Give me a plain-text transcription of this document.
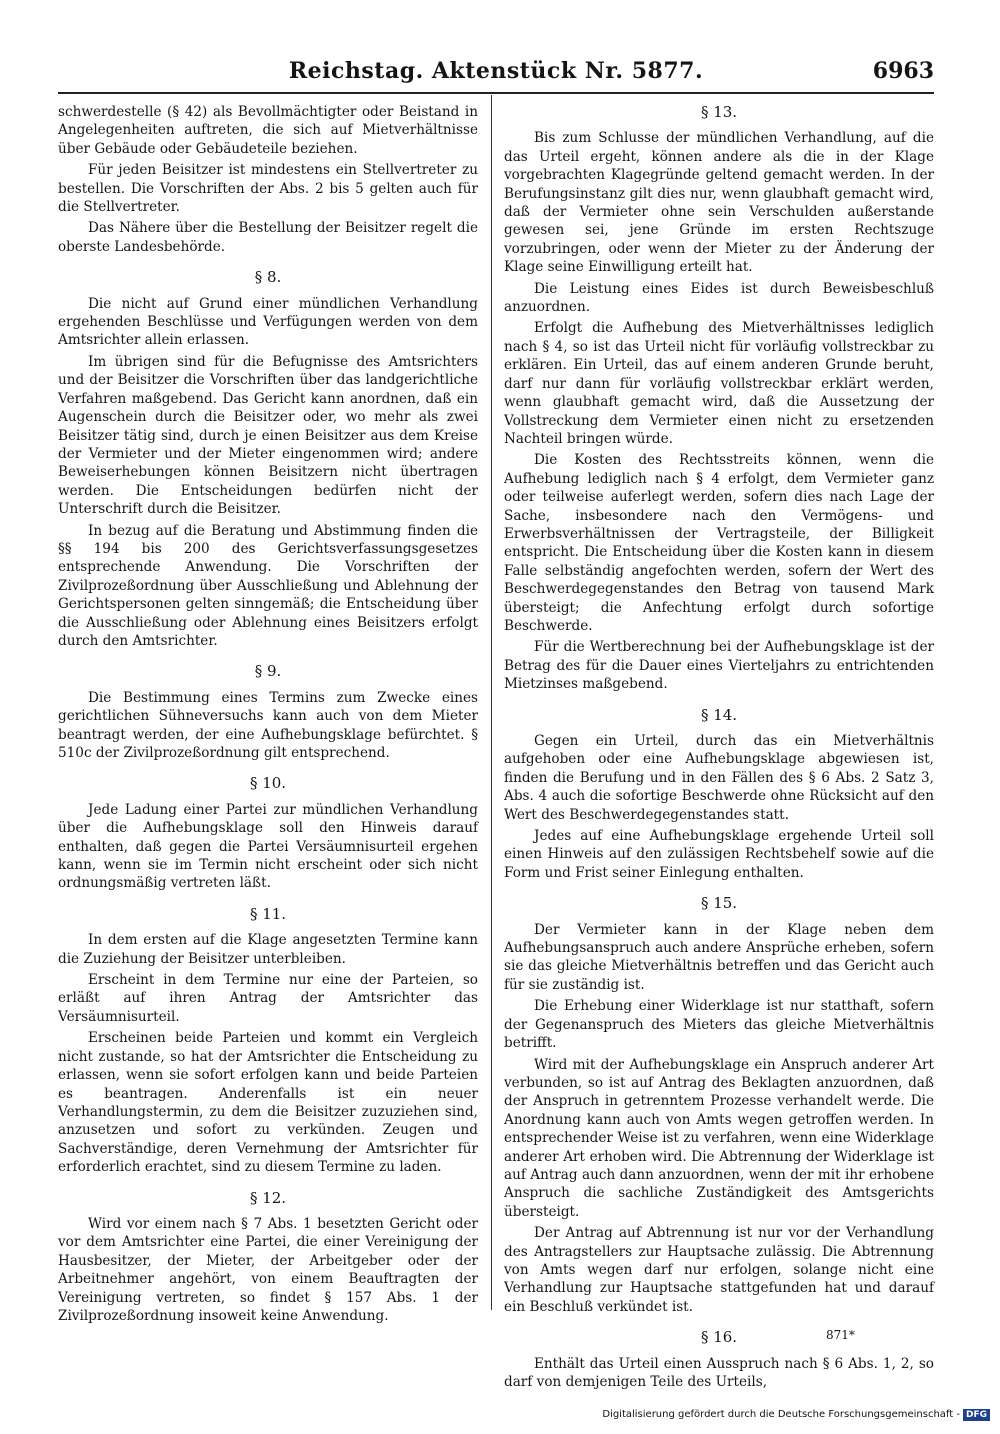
Reichstag. Aktenstück Nr. 5877.	6963

schwerdestelle (§ 42) als Bevollmächtigter oder Beistand in Angelegenheiten auftreten, die sich auf Mietverhältnisse über Gebäude oder Gebäudeteile beziehen.

Für jeden Beisitzer ist mindestens ein Stellvertreter zu bestellen. Die Vorschriften der Abs. 2 bis 5 gelten auch für die Stellvertreter.

Das Nähere über die Bestellung der Beisitzer regelt die oberste Landesbehörde.

§ 8.

Die nicht auf Grund einer mündlichen Verhandlung ergehenden Beschlüsse und Verfügungen werden von dem Amtsrichter allein erlassen.

Im übrigen sind für die Befugnisse des Amtsrichters und der Beisitzer die Vorschriften über das landgerichtliche Verfahren maßgebend. Das Gericht kann anordnen, daß ein Augenschein durch die Beisitzer oder, wo mehr als zwei Beisitzer tätig sind, durch je einen Beisitzer aus dem Kreise der Vermieter und der Mieter eingenommen wird; andere Beweiserhebungen können Beisitzern nicht übertragen werden. Die Entscheidungen bedürfen nicht der Unterschrift durch die Beisitzer.

In bezug auf die Beratung und Abstimmung finden die §§ 194 bis 200 des Gerichtsverfassungsgesetzes entsprechende Anwendung. Die Vorschriften der Zivilprozeßordnung über Ausschließung und Ablehnung der Gerichtspersonen gelten sinngemäß; die Entscheidung über die Ausschließung oder Ablehnung eines Beisitzers erfolgt durch den Amtsrichter.

§ 9.

Die Bestimmung eines Termins zum Zwecke eines gerichtlichen Sühneversuchs kann auch von dem Mieter beantragt werden, der eine Aufhebungsklage befürchtet. § 510c der Zivilprozeßordnung gilt entsprechend.

§ 10.

Jede Ladung einer Partei zur mündlichen Verhandlung über die Aufhebungsklage soll den Hinweis darauf enthalten, daß gegen die Partei Versäumnisurteil ergehen kann, wenn sie im Termin nicht erscheint oder sich nicht ordnungsmäßig vertreten läßt.

§ 11.

In dem ersten auf die Klage angesetzten Termine kann die Zuziehung der Beisitzer unterbleiben.

Erscheint in dem Termine nur eine der Parteien, so erläßt auf ihren Antrag der Amtsrichter das Versäumnisurteil.

Erscheinen beide Parteien und kommt ein Vergleich nicht zustande, so hat der Amtsrichter die Entscheidung zu erlassen, wenn sie sofort erfolgen kann und beide Parteien es beantragen. Anderenfalls ist ein neuer Verhandlungstermin, zu dem die Beisitzer zuzuziehen sind, anzusetzen und sofort zu verkünden. Zeugen und Sachverständige, deren Vernehmung der Amtsrichter für erforderlich erachtet, sind zu diesem Termine zu laden.

§ 12.

Wird vor einem nach § 7 Abs. 1 besetzten Gericht oder vor dem Amtsrichter eine Partei, die einer Vereinigung der Hausbesitzer, der Mieter, der Arbeitgeber oder der Arbeitnehmer angehört, von einem Beauftragten der Vereinigung vertreten, so findet § 157 Abs. 1 der Zivilprozeßordnung insoweit keine Anwendung.

§ 13.

Bis zum Schlusse der mündlichen Verhandlung, auf die das Urteil ergeht, können andere als die in der Klage vorgebrachten Klagegründe geltend gemacht werden. In der Berufungsinstanz gilt dies nur, wenn glaubhaft gemacht wird, daß der Vermieter ohne sein Verschulden außerstande gewesen sei, jene Gründe im ersten Rechtszuge vorzubringen, oder wenn der Mieter zu der Änderung der Klage seine Einwilligung erteilt hat.

Die Leistung eines Eides ist durch Beweisbeschluß anzuordnen.

Erfolgt die Aufhebung des Mietverhältnisses lediglich nach § 4, so ist das Urteil nicht für vorläufig vollstreckbar zu erklären. Ein Urteil, das auf einem anderen Grunde beruht, darf nur dann für vorläufig vollstreckbar erklärt werden, wenn glaubhaft gemacht wird, daß die Aussetzung der Vollstreckung dem Vermieter einen nicht zu ersetzenden Nachteil bringen würde.

Die Kosten des Rechtsstreits können, wenn die Aufhebung lediglich nach § 4 erfolgt, dem Vermieter ganz oder teilweise auferlegt werden, sofern dies nach Lage der Sache, insbesondere nach den Vermögens- und Erwerbsverhältnissen der Vertragsteile, der Billigkeit entspricht. Die Entscheidung über die Kosten kann in diesem Falle selbständig angefochten werden, sofern der Wert des Beschwerdegegenstandes den Betrag von tausend Mark übersteigt; die Anfechtung erfolgt durch sofortige Beschwerde.

Für die Wertberechnung bei der Aufhebungsklage ist der Betrag des für die Dauer eines Vierteljahrs zu entrichtenden Mietzinses maßgebend.

§ 14.

Gegen ein Urteil, durch das ein Mietverhältnis aufgehoben oder eine Aufhebungsklage abgewiesen ist, finden die Berufung und in den Fällen des § 6 Abs. 2 Satz 3, Abs. 4 auch die sofortige Beschwerde ohne Rücksicht auf den Wert des Beschwerdegegenstandes statt.

Jedes auf eine Aufhebungsklage ergehende Urteil soll einen Hinweis auf den zulässigen Rechtsbehelf sowie auf die Form und Frist seiner Einlegung enthalten.

§ 15.

Der Vermieter kann in der Klage neben dem Aufhebungsanspruch auch andere Ansprüche erheben, sofern sie das gleiche Mietverhältnis betreffen und das Gericht auch für sie zuständig ist.

Die Erhebung einer Widerklage ist nur statthaft, sofern der Gegenanspruch des Mieters das gleiche Mietverhältnis betrifft.

Wird mit der Aufhebungsklage ein Anspruch anderer Art verbunden, so ist auf Antrag des Beklagten anzuordnen, daß der Anspruch in getrenntem Prozesse verhandelt werde. Die Anordnung kann auch von Amts wegen getroffen werden. In entsprechender Weise ist zu verfahren, wenn eine Widerklage anderer Art erhoben wird. Die Abtrennung der Widerklage ist auf Antrag auch dann anzuordnen, wenn der mit ihr erhobene Anspruch die sachliche Zuständigkeit des Amtsgerichts übersteigt.

Der Antrag auf Abtrennung ist nur vor der Verhandlung des Antragstellers zur Hauptsache zulässig. Die Abtrennung von Amts wegen darf nur erfolgen, solange nicht eine Verhandlung zur Hauptsache stattgefunden hat und darauf ein Beschluß verkündet ist.

§ 16.

Enthält das Urteil einen Ausspruch nach § 6 Abs. 1, 2, so darf von demjenigen Teile des Urteils,

871*
Digitalisierung gefördert durch die Deutsche Forschungsgemeinschaft - DFG
